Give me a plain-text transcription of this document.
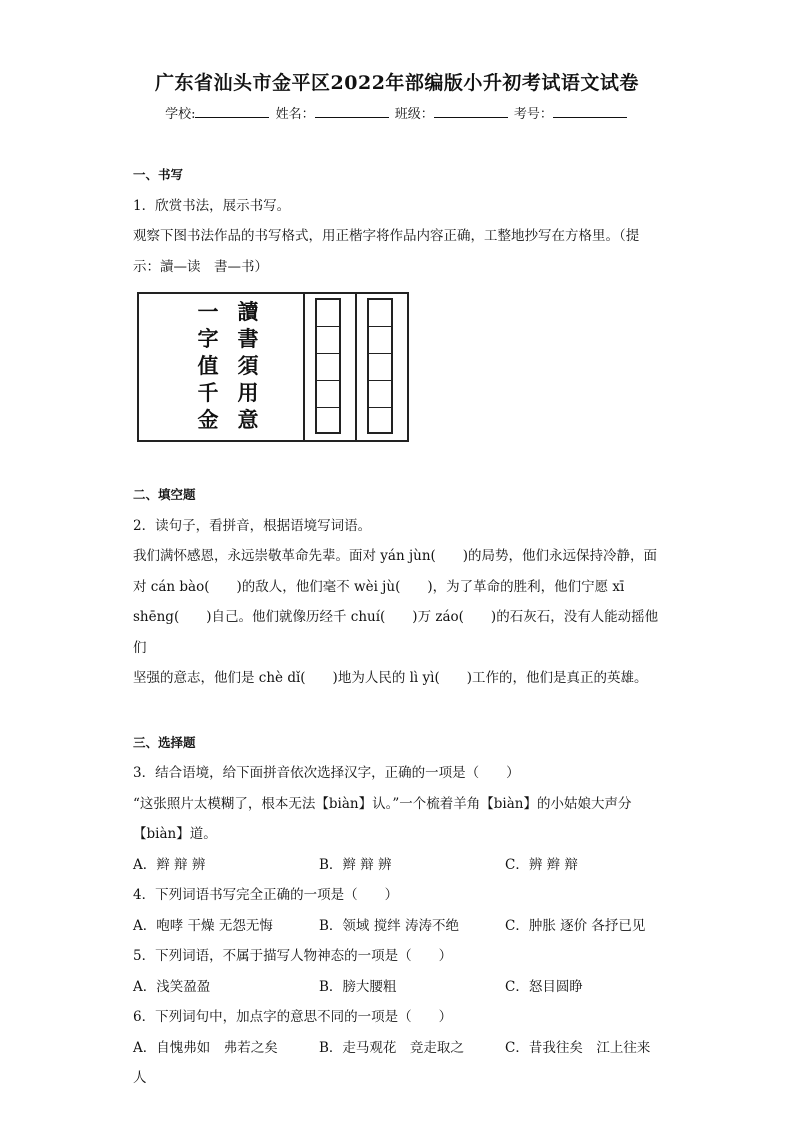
广东省汕头市金平区2022年部编版小升初考试语文试卷
学校:	姓名：	班级：	考号：
一、书写
1．欣赏书法，展示书写。
观察下图书法作品的书写格式，用正楷字将作品内容正确，工整地抄写在方格里。（提
示：讀—读　書—书）
讀
書
須
用
意
一
字
值
千
金
二、填空题
2．读句子，看拼音，根据语境写词语。
我们满怀感恩，永远崇敬革命先辈。面对 yán jùn(　　)的局势，他们永远保持冷静，面
对 cán bào(　　)的敌人，他们毫不 wèi jù(　　)，为了革命的胜利，他们宁愿 xī
shēng(　　)自己。他们就像历经千 chuí(　　)万 záo(　　)的石灰石，没有人能动摇他们
坚强的意志，他们是 chè dǐ(　　)地为人民的 lì yì(　　)工作的，他们是真正的英雄。
三、选择题
3．结合语境，给下面拼音依次选择汉字，正确的一项是（　　）
“这张照片太模糊了，根本无法【biàn】认。”一个梳着羊角【biàn】的小姑娘大声分
【biàn】道。
A．辫 辩 辨	B．辫 辩 辨	C．辨 辫 辩
4．下列词语书写完全正确的一项是（　　）
A．咆哮 干燥 无怨无悔	B．领域 搅绊 涛涛不绝	C．肿胀 逐价 各抒已见
5．下列词语，不属于描写人物神态的一项是（　　）
A．浅笑盈盈	B．膀大腰粗	C．怒目圆睁
6．下列词句中，加点字的意思不同的一项是（　　）
A．自愧弗如　弗若之矣	B．走马观花　竞走取之	C．昔我往矣　江上往来
人
